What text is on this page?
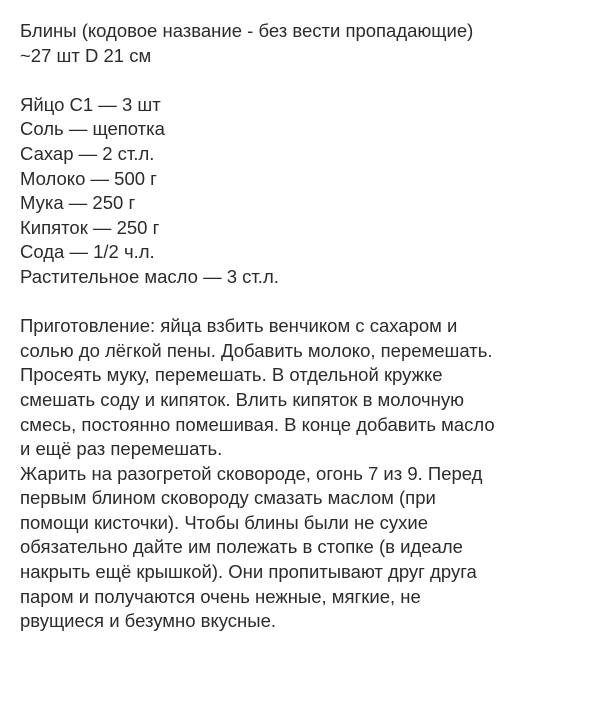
Блины (кодовое название - без вести пропадающие)
~27 шт D 21 см
Яйцо С1 — 3 шт
Соль — щепотка
Сахар — 2 ст.л.
Молоко — 500 г
Мука — 250 г
Кипяток — 250 г
Сода — 1/2 ч.л.
Растительное масло — 3 ст.л.
Приготовление: яйца взбить венчиком с сахаром и
солью до лёгкой пены. Добавить молоко, перемешать.
Просеять муку, перемешать. В отдельной кружке
смешать соду и кипяток. Влить кипяток в молочную
смесь, постоянно помешивая. В конце добавить масло
и ещё раз перемешать.
Жарить на разогретой сковороде, огонь 7 из 9. Перед
первым блином сковороду смазать маслом (при
помощи кисточки). Чтобы блины были не сухие
обязательно дайте им полежать в стопке (в идеале
накрыть ещё крышкой). Они пропитывают друг друга
паром и получаются очень нежные, мягкие, не
рвущиеся и безумно вкусные.
